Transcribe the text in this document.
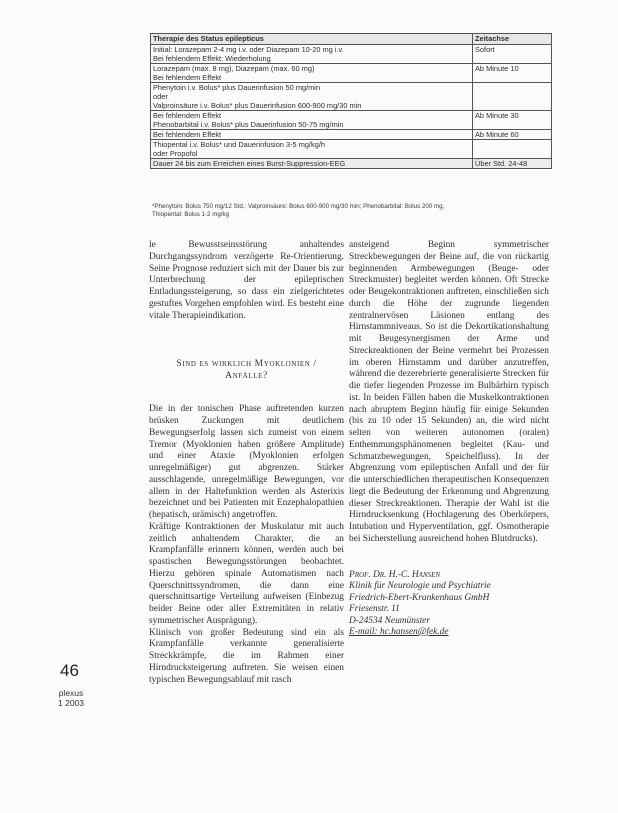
Therapie des Status epilepticus	Zeitachse

Initial: Lorazepam 2-4 mg i.v. oder Diazepam 10-20 mg i.v.
Bei fehlendem Effekt: Wiederholung	Sofort

Lorazepam (max. 8 mg), Diazepam (max. 60 mg)
Bei fehlendem Effekt	Ab Minute 10

Phenytoin i.v. Bolus* plus Dauerinfusion 50 mg/min
oder
Valproinsäure i.v. Bolus* plus Dauerinfusion 600-900 mg/30 min	

Bei fehlendem Effekt
Phenobarbital i.v. Bolus* plus Dauerinfusion 50-75 mg/min	Ab Minute 30

Bei fehlendem Effekt	Ab Minute 60

Thiopental i.v. Bolus* und Dauerinfusion 3-5 mg/kg/h
oder Propofol	

Dauer 24 bis zum Erreichen eines Burst-Suppression-EEG	Über Std. 24-48
*Phenytoin: Bolus 750 mg/12 Std.; Valproinsäure: Bolus 600-900 mg/30 min; Phenobarbital: Bolus 200 mg,
Thiopental: Bolus 1-2 mg/kg

le Bewusstseinsstörung anhaltendes Durchgangssyndrom verzögerte Re-Orientierung. Seine Prognose reduziert sich mit der Dauer bis zur Unterbrechung der epileptischen Entladungssteigerung, so dass ein zielgerichtetes gestuftes Vorgehen empfohlen wird. Es besteht eine vitale Therapieindikation.

Sind es wirklich Myoklonien /
Anfälle?

Die in der tonischen Phase auftretenden kurzen brüsken Zuckungen mit deutlichem Bewegungserfolg lassen sich zumeist von einem Tremor (Myoklonien haben größere Amplitude) und einer Ataxie (Myoklonien erfolgen unregelmäßiger) gut abgrenzen. Stärker ausschlagende, unregelmäßige Bewegungen, vor allem in der Haltefunktion werden als Asterixis bezeichnet und bei Patienten mit Enzephalopathien (hepatisch, urämisch) angetroffen.

Kräftige Kontraktionen der Muskulatur mit auch zeitlich anhaltendem Charakter, die an Krampfanfälle erinnern können, werden auch bei spastischen Bewegungsstörungen beobachtet. Hierzu gehören spinale Automatismen nach Querschnittssyndromen, die dann eine querschnittsartige Verteilung aufweisen (Einbezug beider Beine oder aller Extremitäten in relativ symmetrischer Ausprägung).

Klinisch von großer Bedeutung sind ein als Krampfanfälle verkannte generalisierte Streckkrämpfe, die im Rahmen einer Hirndrucksteigerung auftreten. Sie weisen einen typischen Bewegungsablauf mit rasch

ansteigend Beginn symmetrischer Streckbewegungen der Beine auf, die von rückartig beginnenden Armbewegungen (Beuge- oder Streckmuster) begleitet werden können. Oft Strecke oder Beugekontraktionen auftreten, einschließen sich durch die Höhe der zugrunde liegenden zentralnervösen Läsionen entlang des Hirnstammniveaus. So ist die Dekortikationshaltung mit Beugesynergismen der Arme und Streckreaktionen der Beine vermehrt bei Prozessen im oberen Hirnstamm und darüber anzutreffen, während die dezerebrierte generalisierte Strecken für die tiefer liegenden Prozesse im Bulbärhirn typisch ist. In beiden Fällen haben die Muskelkontraktionen nach abruptem Beginn häufig für einige Sekunden (bis zu 10 oder 15 Sekunden) an, die wird nicht selten von weiteren autonomen (oralen) Enthemmungsphänomenen begleitet (Kau- und Schmatzbewegungen, Speichelfluss). In der Abgrenzung vom epileptischen Anfall und der für die unterschiedlichen therapeutischen Konsequenzen liegt die Bedeutung der Erkennung und Abgrenzung dieser Streckreaktionen. Therapie der Wahl ist die Hirndrucksenkung (Hochlagerung des Oberkörpers, Intubation und Hyperventilation, ggf. Osmotherapie bei Sicherstellung ausreichend hohen Blutdrucks).

Prof. Dr. H.-C. Hansen
Klinik für Neurologie und Psychiatrie
Friedrich-Ebert-Krankenhaus GmbH
Friesenstr. 11
D-24534 Neumünster
E-mail: hc.hansen@fek.de
46
plexus
1 2003
